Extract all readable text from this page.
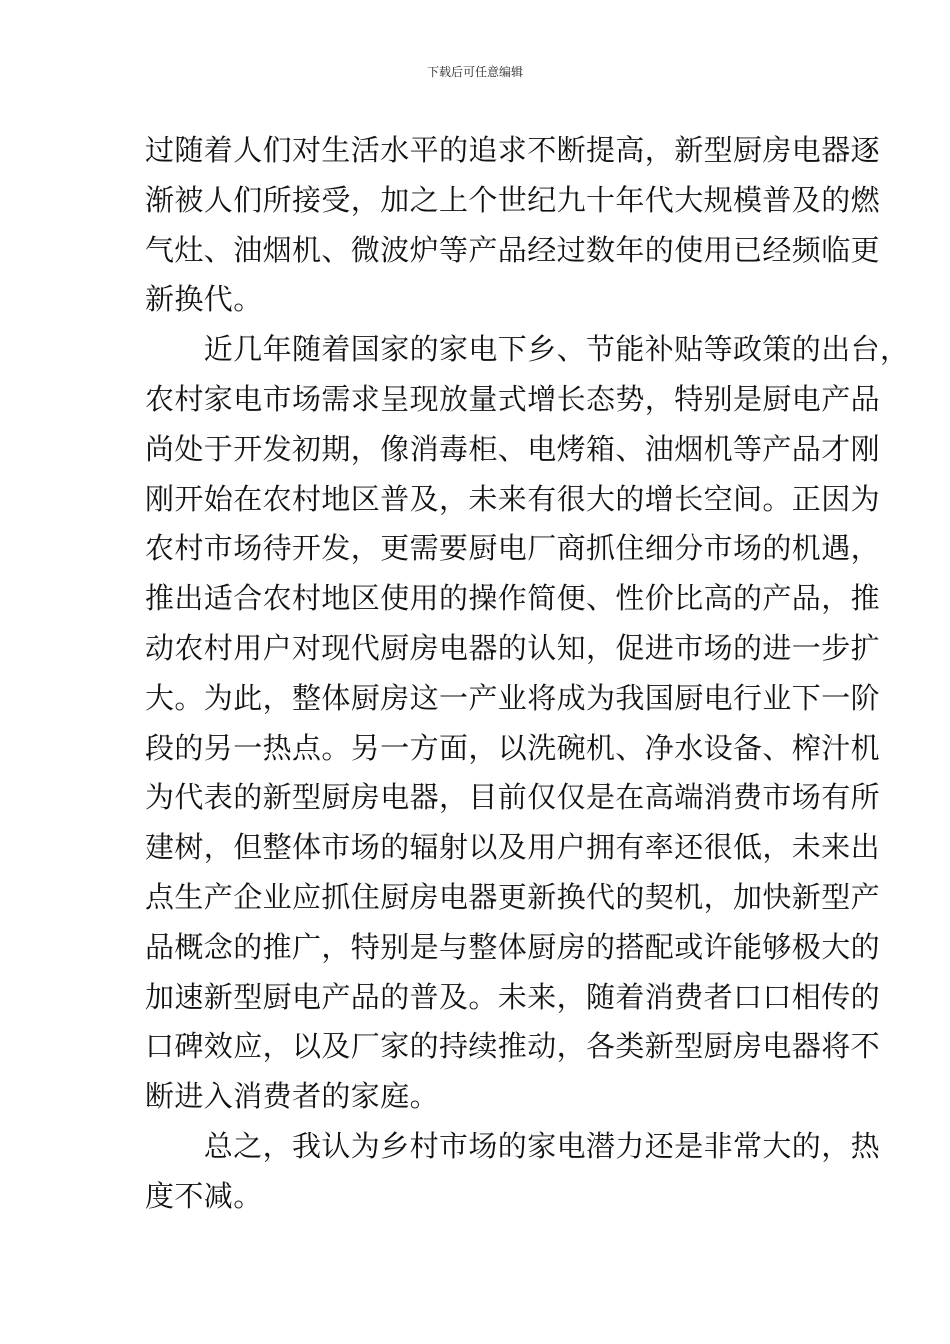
下载后可任意编辑
过随着人们对生活水平的追求不断提高，新型厨房电器逐
渐被人们所接受，加之上个世纪九十年代大规模普及的燃
气灶、油烟机、微波炉等产品经过数年的使用已经频临更
新换代。
　　近几年随着国家的家电下乡、节能补贴等政策的出台，
农村家电市场需求呈现放量式增长态势，特别是厨电产品
尚处于开发初期，像消毒柜、电烤箱、油烟机等产品才刚
刚开始在农村地区普及，未来有很大的增长空间。正因为
农村市场待开发，更需要厨电厂商抓住细分市场的机遇，
推出适合农村地区使用的操作简便、性价比高的产品，推
动农村用户对现代厨房电器的认知，促进市场的进一步扩
大。为此，整体厨房这一产业将成为我国厨电行业下一阶
段的另一热点。另一方面，以洗碗机、净水设备、榨汁机
为代表的新型厨房电器，目前仅仅是在高端消费市场有所
建树，但整体市场的辐射以及用户拥有率还很低，未来出
点生产企业应抓住厨房电器更新换代的契机，加快新型产
品概念的推广，特别是与整体厨房的搭配或许能够极大的
加速新型厨电产品的普及。未来，随着消费者口口相传的
口碑效应，以及厂家的持续推动，各类新型厨房电器将不
断进入消费者的家庭。
　　总之，我认为乡村市场的家电潜力还是非常大的，热
度不减。
